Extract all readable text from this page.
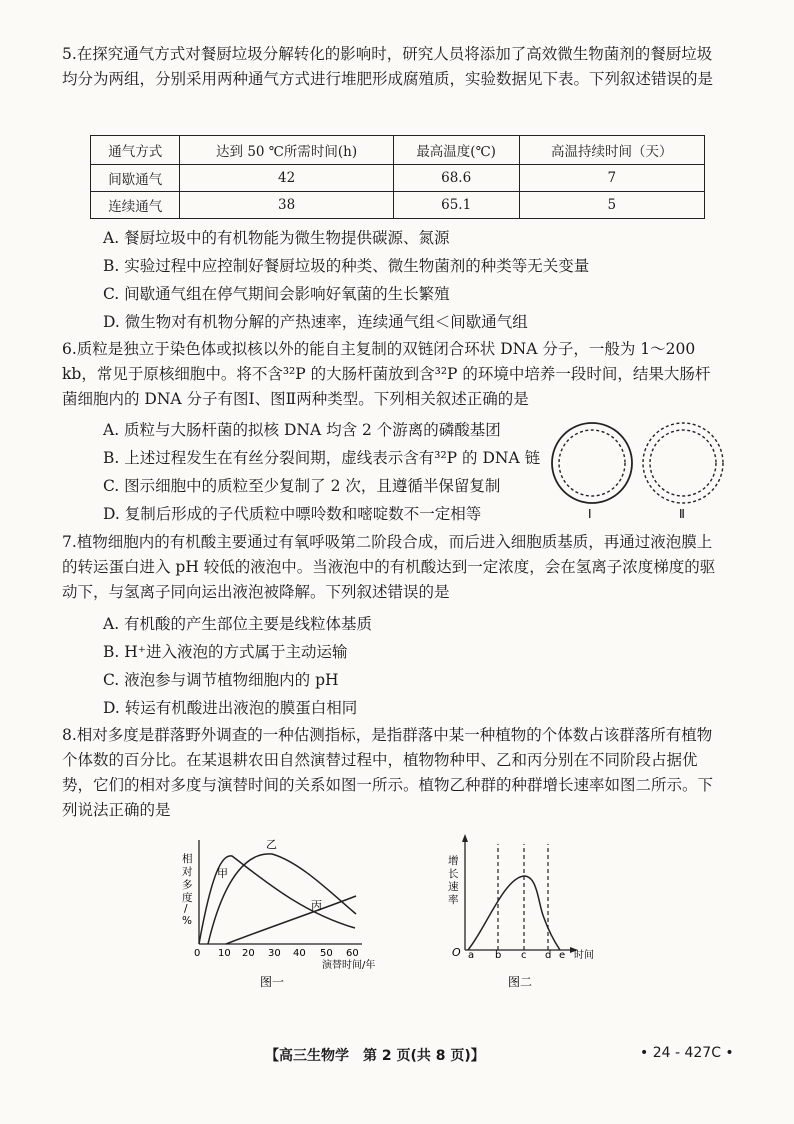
5.在探究通气方式对餐厨垃圾分解转化的影响时，研究人员将添加了高效微生物菌剂的餐厨垃圾均分为两组，分别采用两种通气方式进行堆肥形成腐殖质，实验数据见下表。下列叙述错误的是

通气方式	达到 50 ℃所需时间(h)	最高温度(℃)	高温持续时间（天）
间歇通气	42	68.6	7
连续通气	38	65.1	5
A. 餐厨垃圾中的有机物能为微生物提供碳源、氮源
B. 实验过程中应控制好餐厨垃圾的种类、微生物菌剂的种类等无关变量
C. 间歇通气组在停气期间会影响好氧菌的生长繁殖
D. 微生物对有机物分解的产热速率，连续通气组＜间歇通气组

6.质粒是独立于染色体或拟核以外的能自主复制的双链闭合环状 DNA 分子，一般为 1～200 kb，常见于原核细胞中。将不含³²P 的大肠杆菌放到含³²P 的环境中培养一段时间，结果大肠杆菌细胞内的 DNA 分子有图Ⅰ、图Ⅱ两种类型。下列相关叙述正确的是

A. 质粒与大肠杆菌的拟核 DNA 均含 2 个游离的磷酸基团
B. 上述过程发生在有丝分裂间期，虚线表示含有³²P 的 DNA 链
C. 图示细胞中的质粒至少复制了 2 次，且遵循半保留复制
D. 复制后形成的子代质粒中嘌呤数和嘧啶数不一定相等	Ⅰ	Ⅱ

7.植物细胞内的有机酸主要通过有氧呼吸第二阶段合成，而后进入细胞质基质，再通过液泡膜上的转运蛋白进入 pH 较低的液泡中。当液泡中的有机酸达到一定浓度，会在氢离子浓度梯度的驱动下，与氢离子同向运出液泡被降解。下列叙述错误的是

A. 有机酸的产生部位主要是线粒体基质
B. H⁺进入液泡的方式属于主动运输
C. 液泡参与调节植物细胞内的 pH
D. 转运有机酸进出液泡的膜蛋白相同

8.相对多度是群落野外调查的一种估测指标，是指群落中某一种植物的个体数占该群落所有植物个体数的百分比。在某退耕农田自然演替过程中，植物物种甲、乙和丙分别在不同阶段占据优势，它们的相对多度与演替时间的关系如图一所示。植物乙种群的种群增长速率如图二所示。下列说法正确的是

相
对
多
度
/
%
甲
乙
丙
0 10 20 30 40 50 60
演替时间/年
图一
增
长
速
率
O a b c d e 时间
图二
【高三生物学　第 2 页(共 8 页)】	• 24 - 427C •
